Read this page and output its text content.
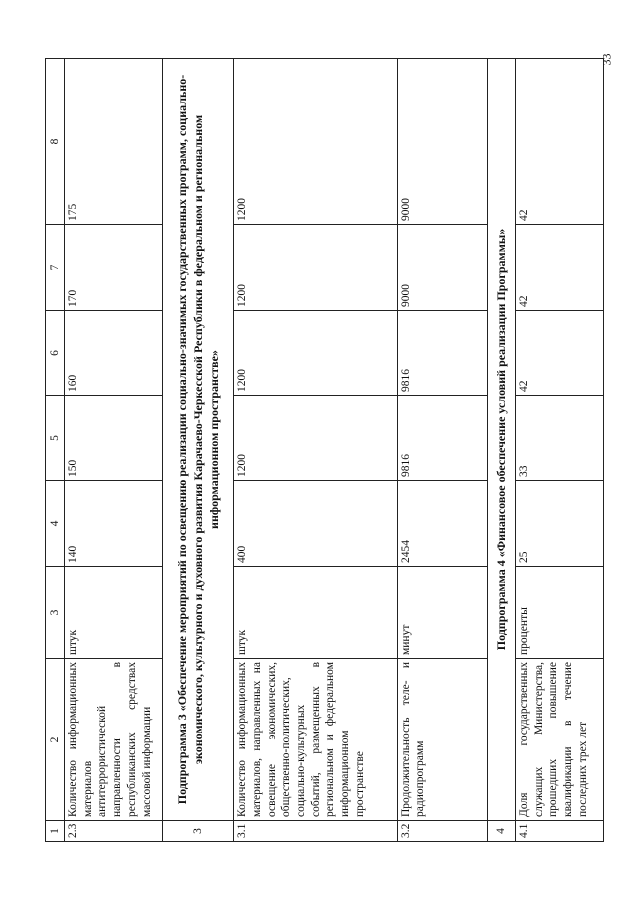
33
1	2	3	4	5	6	7	8
2.3	Количество информационных материалов антитеррористической направленности в республиканских средствах массовой информации	штук	140	150	160	170	175
3	Подпрограмма 3 «Обеспечение мероприятий по освещению реализации социально-значимых государственных программ, социально-экономического, культурного и духовного развития Карачаево-Черкесской Республики в федеральном и региональном информационном пространстве»						
3.1	Количество информационных материалов, направленных на освещение экономических, общественно-политических, социально-культурных событий, размещенных в региональном и федеральном информационном пространстве	штук	400	1200	1200	1200	1200
3.2	Продолжительность теле- и радиопрограмм	минут	2454	9816	9816	9000	9000
4	Подпрограмма 4 «Финансовое обеспечение условий реализации Программы»						
4.1	Доля государственных служащих Министерства, прошедших повышение квалификации в течение последних трех лет	проценты	25	33	42	42	42
